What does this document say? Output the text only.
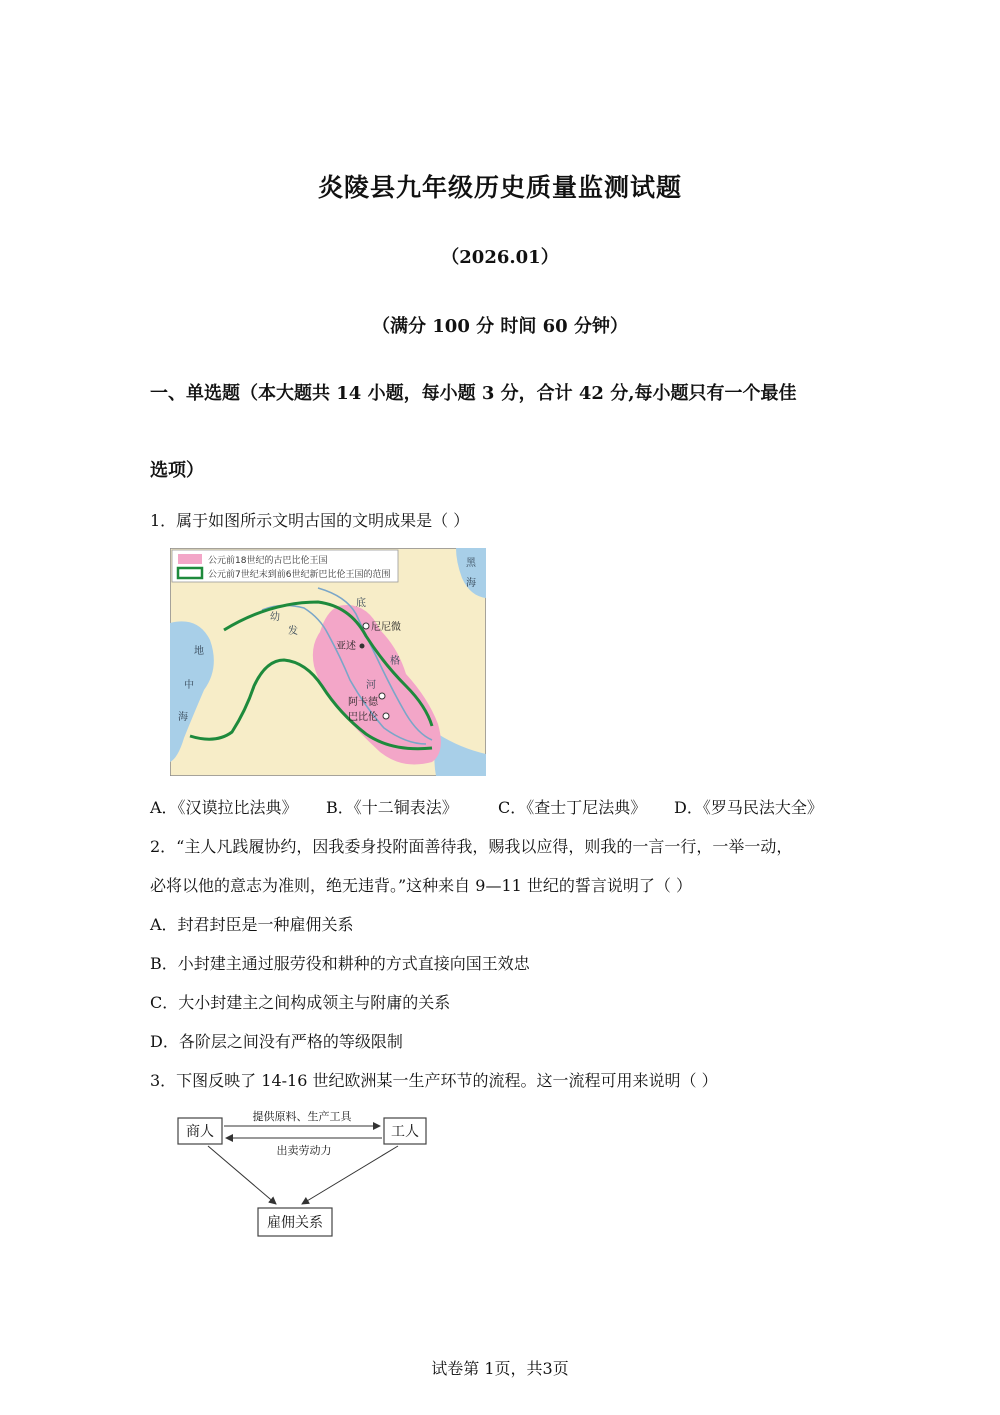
炎陵县九年级历史质量监测试题
（2026.01）
（满分 100 分 时间 60 分钟）
一、单选题（本大题共 14 小题，每小题 3 分，合计 42 分,每小题只有一个最佳
选项）
1．属于如图所示文明古国的文明成果是（ ）
公元前18世纪的古巴比伦王国
公元前7世纪末到前6世纪新巴比伦王国的范围
尼尼微
亚述
阿卡德
巴比伦
地
中
海
幼
发
底
格
河
黑
海
A．《汉谟拉比法典》 B．《十二铜表法》	C．《查士丁尼法典》 D．《罗马民法大全》
2．“主人凡践履协约，因我委身投附面善待我，赐我以应得，则我的一言一行，一举一动，
必将以他的意志为准则，绝无违背。”这种来自 9—11 世纪的誓言说明了（ ）
A．封君封臣是一种雇佣关系
B．小封建主通过服劳役和耕种的方式直接向国王效忠
C．大小封建主之间构成领主与附庸的关系
D．各阶层之间没有严格的等级限制
3．下图反映了 14-16 世纪欧洲某一生产环节的流程。这一流程可用来说明（ ）
商人	工人
雇佣关系
提供原料、生产工具
出卖劳动力
试卷第 1页，共3页
